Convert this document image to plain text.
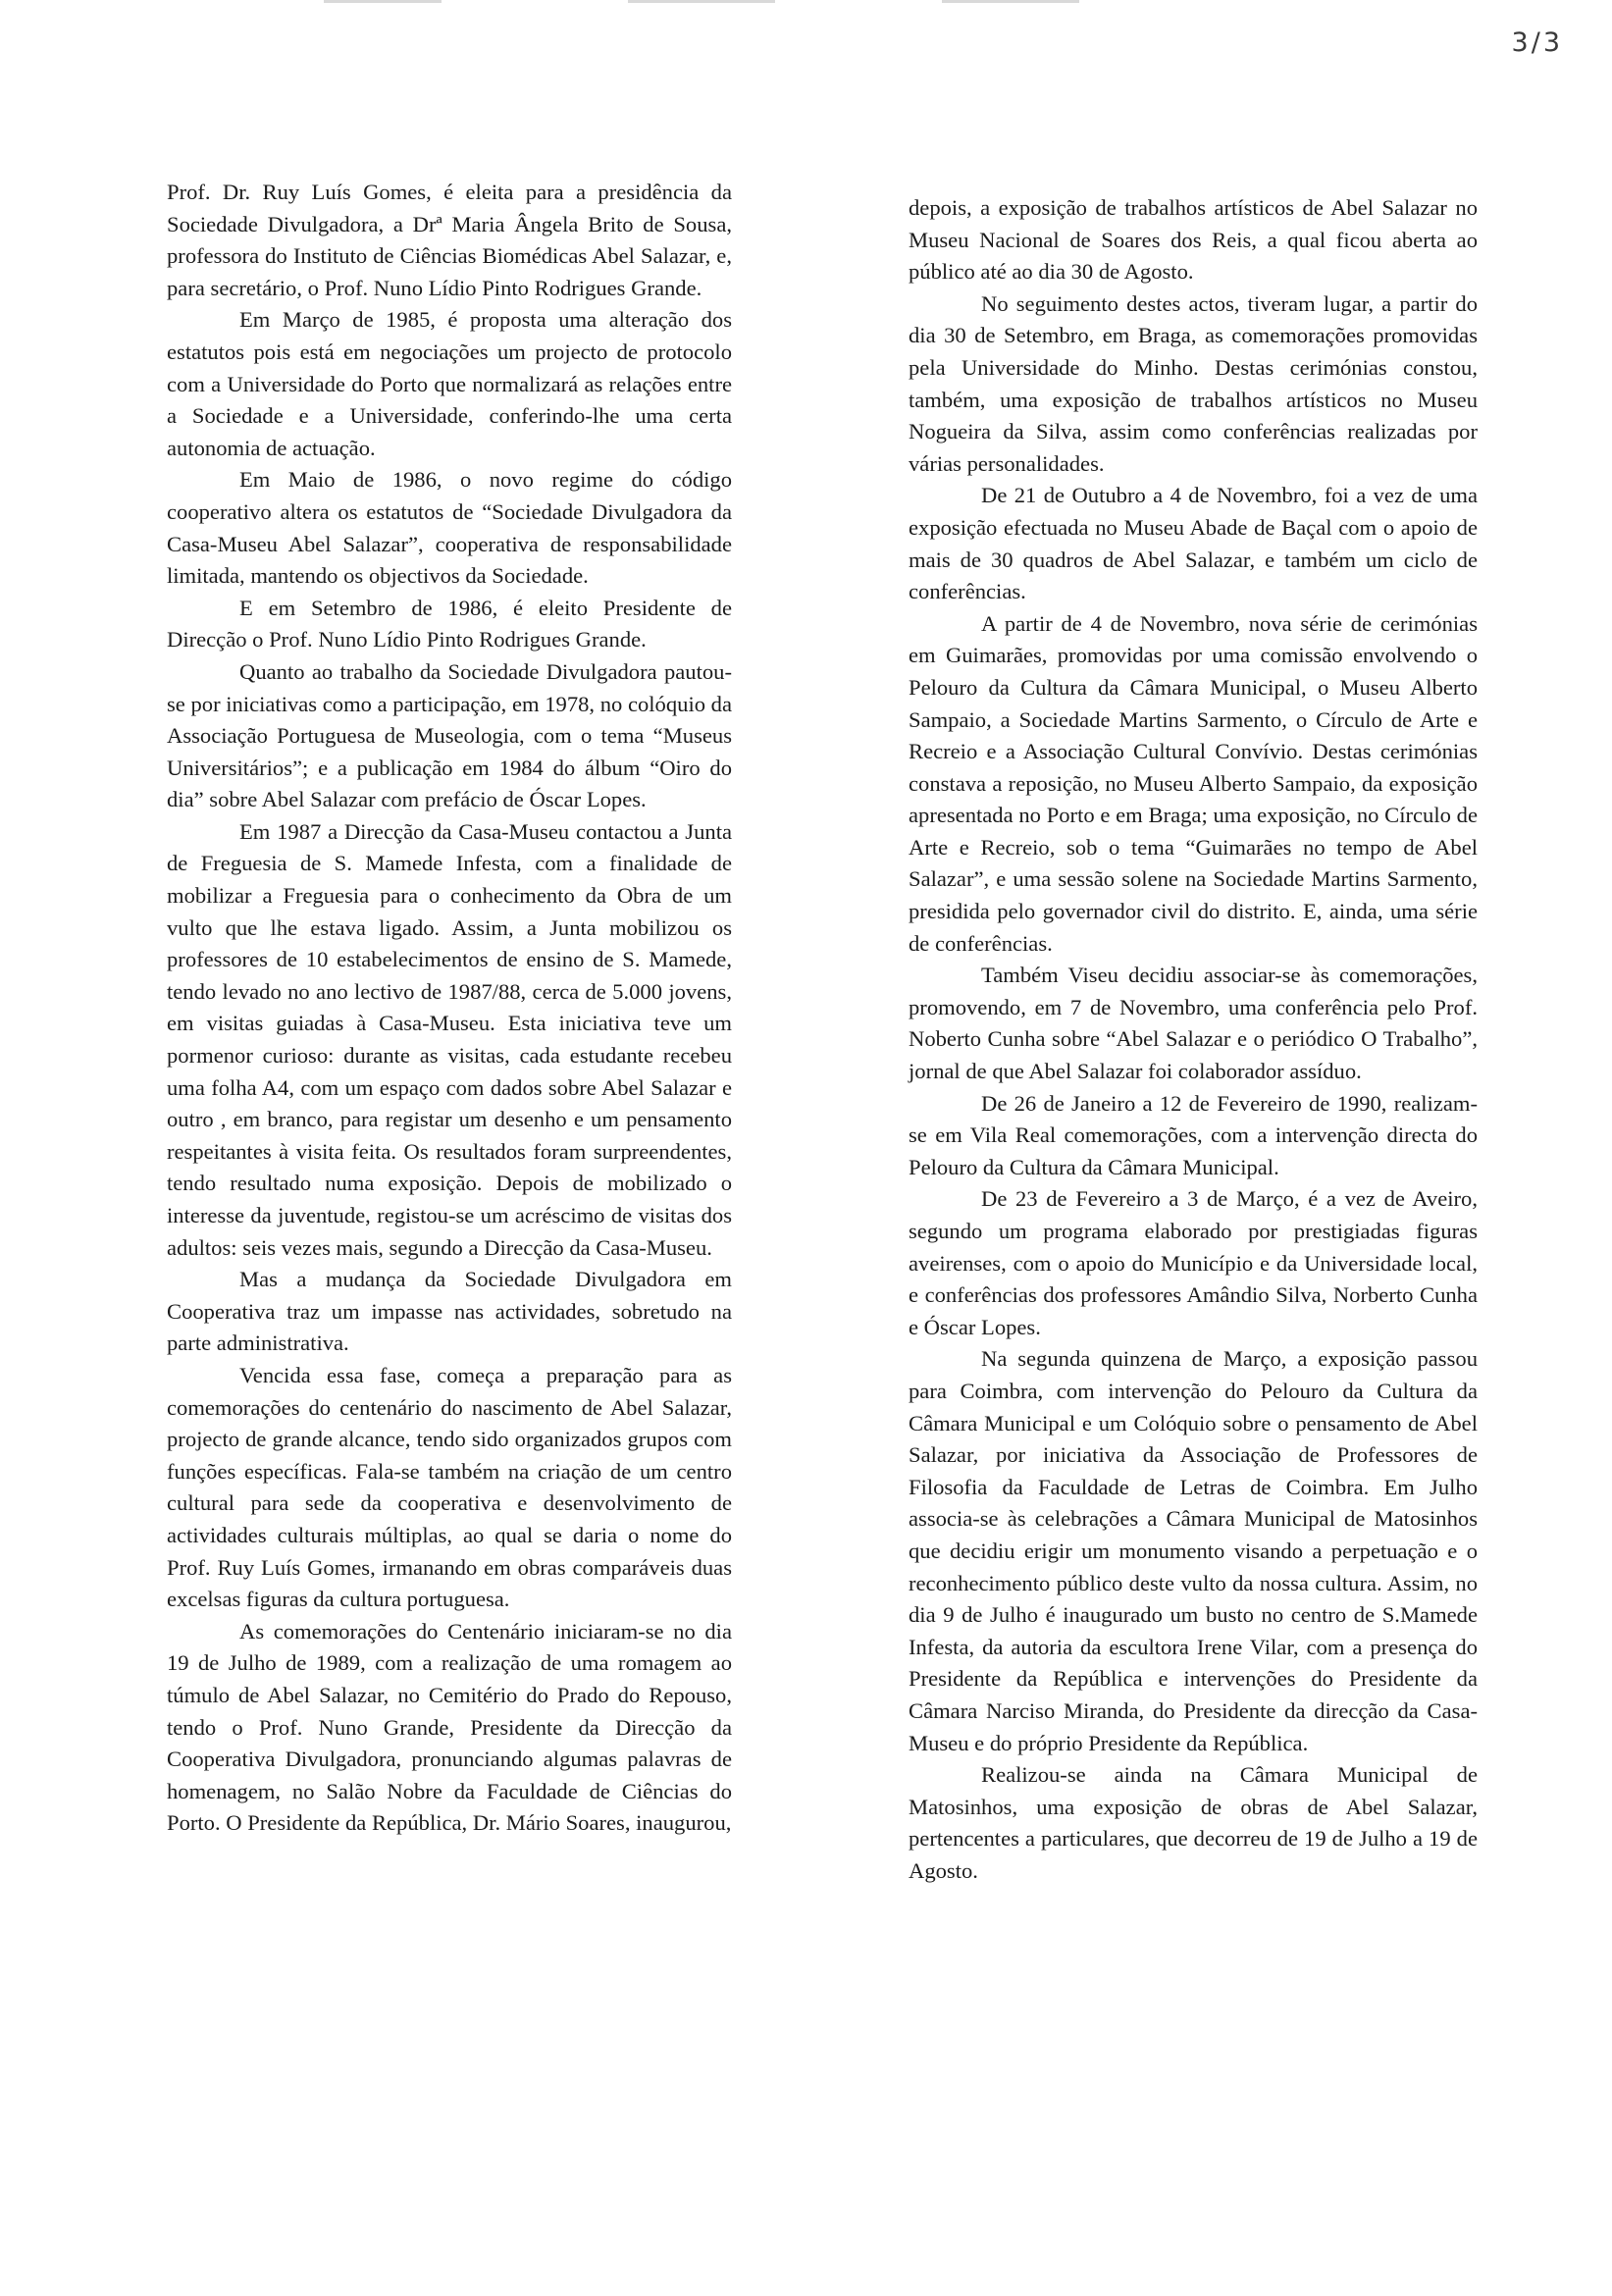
3/3

Prof. Dr. Ruy Luís Gomes, é eleita para a presidência da Sociedade Divulgadora, a Drª Maria Ângela Brito de Sousa, professora do Instituto de Ciências Biomédicas Abel Salazar, e, para secretário, o Prof. Nuno Lídio Pinto Rodrigues Grande.

Em Março de 1985, é proposta uma alteração dos estatutos pois está em negociações um projecto de protocolo com a Universidade do Porto que normalizará as relações entre a Sociedade e a Universidade, conferindo-lhe uma certa autonomia de actuação.

Em Maio de 1986, o novo regime do código cooperativo altera os estatutos de “Sociedade Divulgadora da Casa-Museu Abel Salazar”, cooperativa de responsabilidade limitada, mantendo os objectivos da Sociedade.

E em Setembro de 1986, é eleito Presidente de Direcção o Prof. Nuno Lídio Pinto Rodrigues Grande.

Quanto ao trabalho da Sociedade Divulgadora pautou-se por iniciativas como a participação, em 1978, no colóquio da Associação Portuguesa de Museologia, com o tema “Museus Universitários”; e a publicação em 1984 do álbum “Oiro do dia” sobre Abel Salazar com prefácio de Óscar Lopes.

Em 1987 a Direcção da Casa-Museu contactou a Junta de Freguesia de S. Mamede Infesta, com a finalidade de mobilizar a Freguesia para o conhecimento da Obra de um vulto que lhe estava ligado. Assim, a Junta mobilizou os professores de 10 estabelecimentos de ensino de S. Mamede, tendo levado no ano lectivo de 1987/88, cerca de 5.000 jovens, em visitas guiadas à Casa-Museu. Esta iniciativa teve um pormenor curioso: durante as visitas, cada estudante recebeu uma folha A4, com um espaço com dados sobre Abel Salazar e outro , em branco, para registar um desenho e um pensamento respeitantes à visita feita. Os resultados foram surpreendentes, tendo resultado numa exposição. Depois de mobilizado o interesse da juventude, registou-se um acréscimo de visitas dos adultos: seis vezes mais, segundo a Direcção da Casa-Museu.

Mas a mudança da Sociedade Divulgadora em Cooperativa traz um impasse nas actividades, sobretudo na parte administrativa.

Vencida essa fase, começa a preparação para as comemorações do centenário do nascimento de Abel Salazar, projecto de grande alcance, tendo sido organizados grupos com funções específicas. Fala-se também na criação de um centro cultural para sede da cooperativa e desenvolvimento de actividades culturais múltiplas, ao qual se daria o nome do Prof. Ruy Luís Gomes, irmanando em obras comparáveis duas excelsas figuras da cultura portuguesa.

As comemorações do Centenário iniciaram-se no dia 19 de Julho de 1989, com a realização de uma romagem ao túmulo de Abel Salazar, no Cemitério do Prado do Repouso, tendo o Prof. Nuno Grande, Presidente da Direcção da Cooperativa Divulgadora, pronunciando algumas palavras de homenagem, no Salão Nobre da Faculdade de Ciências do Porto. O Presidente da República, Dr. Mário Soares, inaugurou,

depois, a exposição de trabalhos artísticos de Abel Salazar no Museu Nacional de Soares dos Reis, a qual ficou aberta ao público até ao dia 30 de Agosto.

No seguimento destes actos, tiveram lugar, a partir do dia 30 de Setembro, em Braga, as comemorações promovidas pela Universidade do Minho. Destas cerimónias constou, também, uma exposição de trabalhos artísticos no Museu Nogueira da Silva, assim como conferências realizadas por várias personalidades.

De 21 de Outubro a 4 de Novembro, foi a vez de uma exposição efectuada no Museu Abade de Baçal com o apoio de mais de 30 quadros de Abel Salazar, e também um ciclo de conferências.

A partir de 4 de Novembro, nova série de cerimónias em Guimarães, promovidas por uma comissão envolvendo o Pelouro da Cultura da Câmara Municipal, o Museu Alberto Sampaio, a Sociedade Martins Sarmento, o Círculo de Arte e Recreio e a Associação Cultural Convívio. Destas cerimónias constava a reposição, no Museu Alberto Sampaio, da exposição apresentada no Porto e em Braga; uma exposição, no Círculo de Arte e Recreio, sob o tema “Guimarães no tempo de Abel Salazar”, e uma sessão solene na Sociedade Martins Sarmento, presidida pelo governador civil do distrito. E, ainda, uma série de conferências.

Também Viseu decidiu associar-se às comemorações, promovendo, em 7 de Novembro, uma conferência pelo Prof. Noberto Cunha sobre “Abel Salazar e o periódico O Trabalho”, jornal de que Abel Salazar foi colaborador assíduo.

De 26 de Janeiro a 12 de Fevereiro de 1990, realizam-se em Vila Real comemorações, com a intervenção directa do Pelouro da Cultura da Câmara Municipal.

De 23 de Fevereiro a 3 de Março, é a vez de Aveiro, segundo um programa elaborado por prestigiadas figuras aveirenses, com o apoio do Município e da Universidade local, e conferências dos professores Amândio Silva, Norberto Cunha e Óscar Lopes.

Na segunda quinzena de Março, a exposição passou para Coimbra, com intervenção do Pelouro da Cultura da Câmara Municipal e um Colóquio sobre o pensamento de Abel Salazar, por iniciativa da Associação de Professores de Filosofia da Faculdade de Letras de Coimbra. Em Julho associa-se às celebrações a Câmara Municipal de Matosinhos que decidiu erigir um monumento visando a perpetuação e o reconhecimento público deste vulto da nossa cultura. Assim, no dia 9 de Julho é inaugurado um busto no centro de S.Mamede Infesta, da autoria da escultora Irene Vilar, com a presença do Presidente da República e intervenções do Presidente da Câmara Narciso Miranda, do Presidente da direcção da Casa-Museu e do próprio Presidente da República.

Realizou-se ainda na Câmara Municipal de Matosinhos, uma exposição de obras de Abel Salazar, pertencentes a particulares, que decorreu de 19 de Julho a 19 de Agosto.
